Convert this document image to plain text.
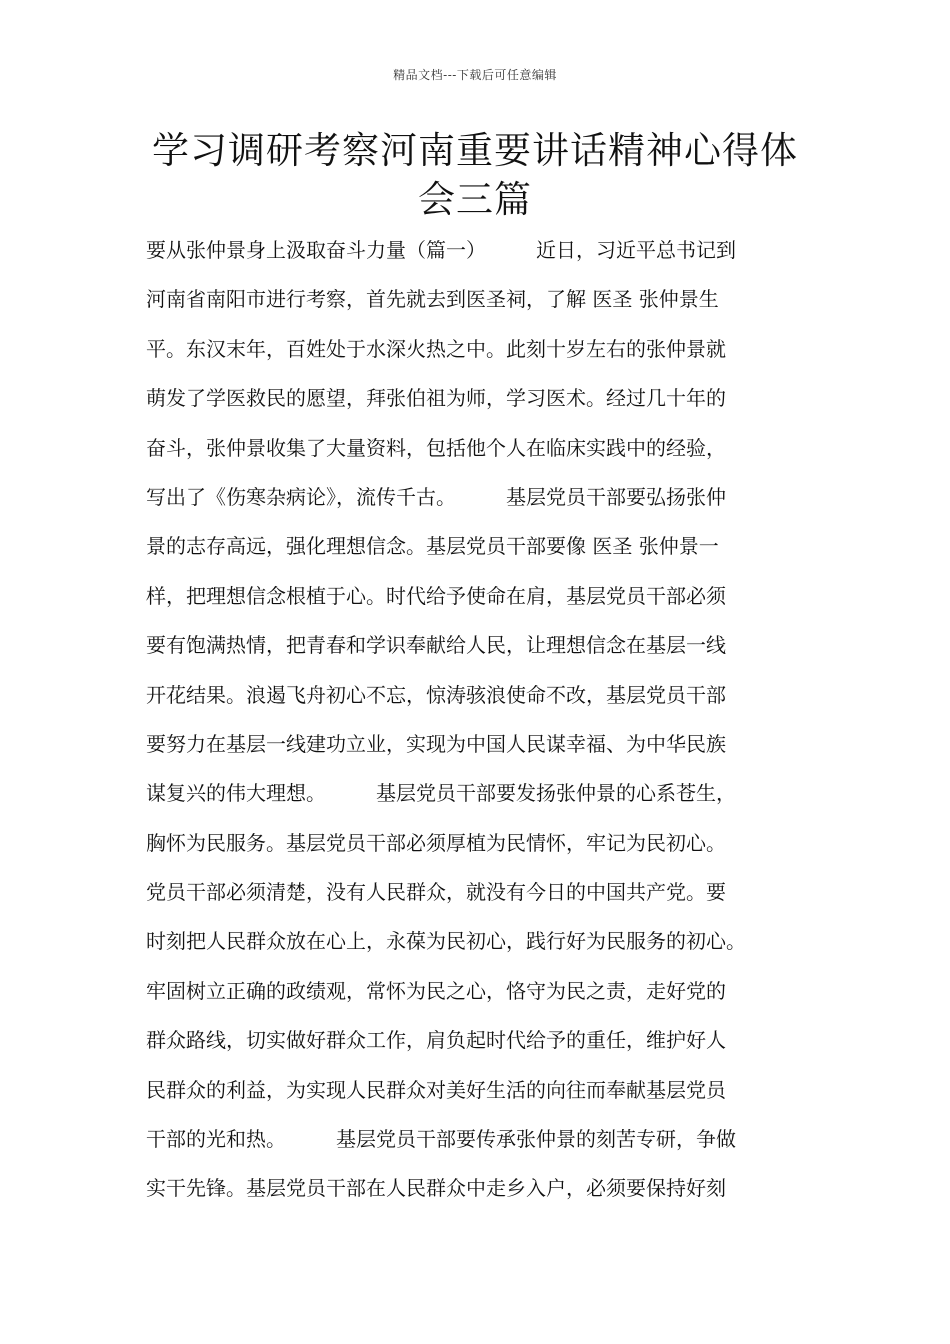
精品文档---下载后可任意编辑
学习调研考察河南重要讲话精神心得体
会三篇
要从张仲景身上汲取奋斗力量（篇一）　　　近日，习近平总书记到
河南省南阳市进行考察，首先就去到医圣祠，了解 医圣 张仲景生
平。东汉末年，百姓处于水深火热之中。此刻十岁左右的张仲景就
萌发了学医救民的愿望，拜张伯祖为师，学习医术。经过几十年的
奋斗，张仲景收集了大量资料，包括他个人在临床实践中的经验，
写出了《伤寒杂病论》，流传千古。　　　基层党员干部要弘扬张仲
景的志存高远，强化理想信念。基层党员干部要像 医圣 张仲景一
样，把理想信念根植于心。时代给予使命在肩，基层党员干部必须
要有饱满热情，把青春和学识奉献给人民，让理想信念在基层一线
开花结果。浪遏飞舟初心不忘，惊涛骇浪使命不改，基层党员干部
要努力在基层一线建功立业，实现为中国人民谋幸福、为中华民族
谋复兴的伟大理想。　　　基层党员干部要发扬张仲景的心系苍生，
胸怀为民服务。基层党员干部必须厚植为民情怀，牢记为民初心。
党员干部必须清楚，没有人民群众，就没有今日的中国共产党。要
时刻把人民群众放在心上，永葆为民初心，践行好为民服务的初心。
牢固树立正确的政绩观，常怀为民之心，恪守为民之责，走好党的
群众路线，切实做好群众工作，肩负起时代给予的重任，维护好人
民群众的利益，为实现人民群众对美好生活的向往而奉献基层党员
干部的光和热。　　　基层党员干部要传承张仲景的刻苦专研，争做
实干先锋。基层党员干部在人民群众中走乡入户，必须要保持好刻
